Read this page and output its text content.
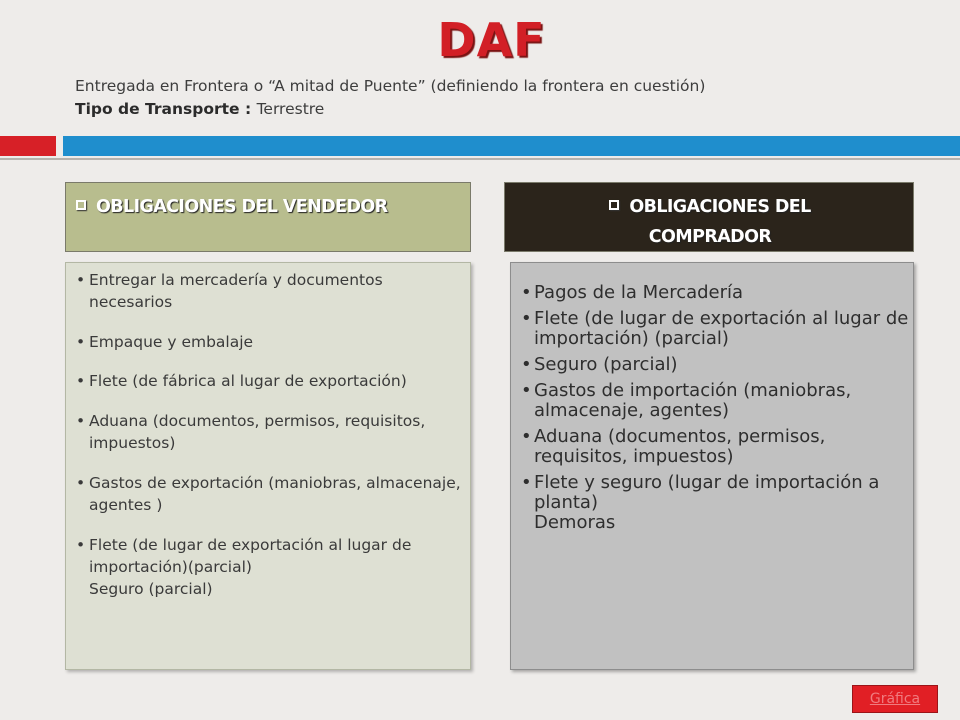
DAF
Entregada en Frontera o “A mitad de Puente” (definiendo la frontera en cuestión)
Tipo de Transporte : Terrestre
OBLIGACIONES DEL VENDEDOR	OBLIGACIONES DEL
COMPRADOR
• Entregar la mercadería y documentos necesarios
• Empaque y embalaje
• Flete (de fábrica al lugar de exportación)
• Aduana (documentos, permisos, requisitos, impuestos)
• Gastos de exportación (maniobras, almacenaje, agentes )
• Flete (de lugar de exportación al lugar de importación)(parcial)
Seguro (parcial)
• Pagos de la Mercadería
• Flete (de lugar de exportación al lugar de importación) (parcial)
• Seguro (parcial)
• Gastos de importación (maniobras, almacenaje, agentes)
• Aduana (documentos, permisos, requisitos, impuestos)
• Flete y seguro (lugar de importación a planta)
Demoras
Gráfica
